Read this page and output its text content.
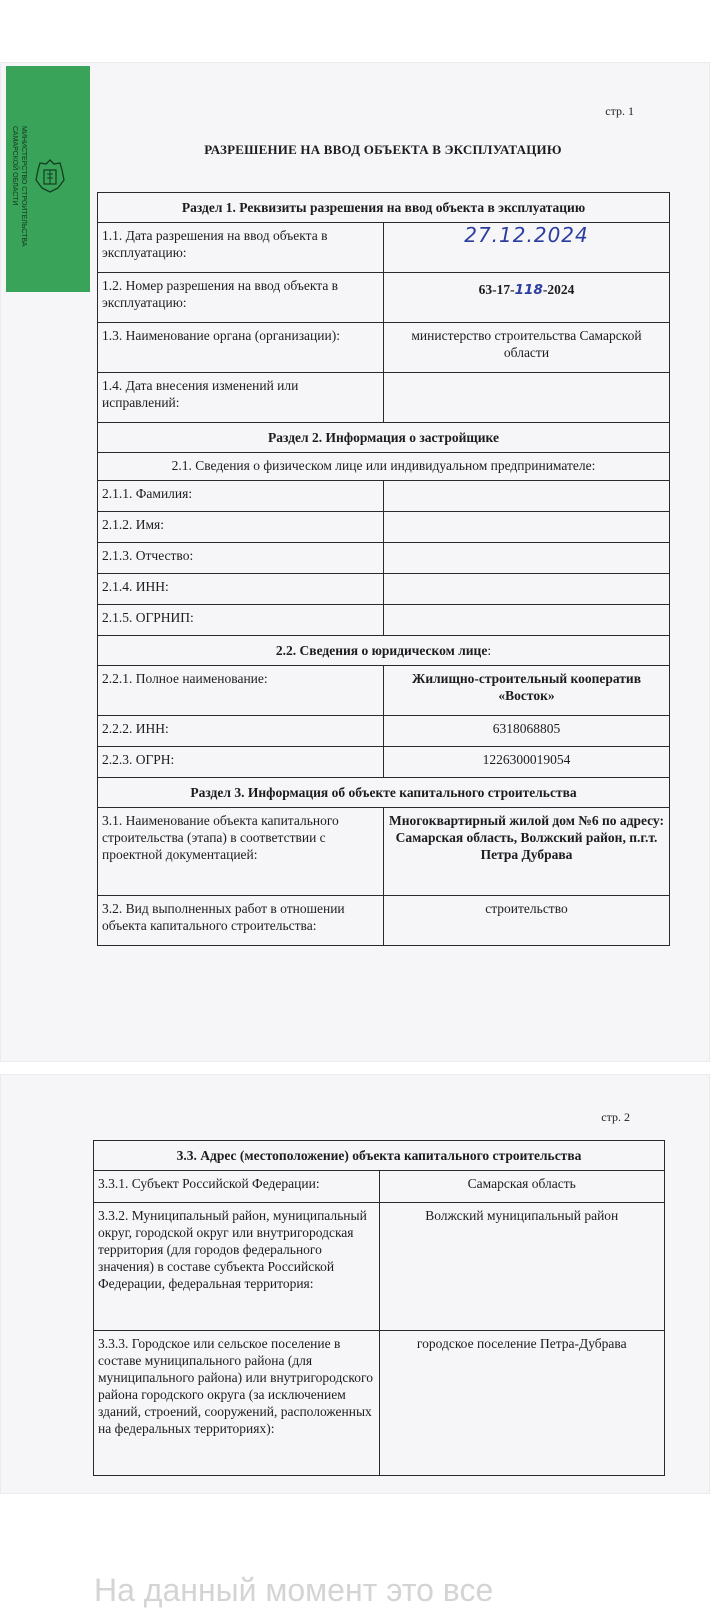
МИНИСТЕРСТВО СТРОИТЕЛЬСТВА
САМАРСКОЙ ОБЛАСТИ
стр. 1
РАЗРЕШЕНИЕ НА ВВОД ОБЪЕКТА В ЭКСПЛУАТАЦИЮ
Раздел 1. Реквизиты разрешения на ввод объекта в эксплуатацию	
1.1. Дата разрешения на ввод объекта в эксплуатацию:	27.12.2024
1.2. Номер разрешения на ввод объекта в эксплуатацию:	63-17-118-2024
1.3. Наименование органа (организации):	министерство строительства Самарской области
1.4. Дата внесения изменений или исправлений:	
Раздел 2. Информация о застройщике	
2.1. Сведения о физическом лице или индивидуальном предпринимателе:	
2.1.1. Фамилия:	
2.1.2. Имя:	
2.1.3. Отчество:	
2.1.4. ИНН:	
2.1.5. ОГРНИП:	
2.2. Сведения о юридическом лице:	
2.2.1. Полное наименование:	Жилищно-строительный кооператив «Восток»
2.2.2. ИНН:	6318068805
2.2.3. ОГРН:	1226300019054
Раздел 3. Информация об объекте капитального строительства	
3.1. Наименование объекта капитального строительства (этапа) в соответствии с проектной документацией:	Многоквартирный жилой дом №6 по адресу: Самарская область, Волжский район, п.г.т. Петра Дубрава
3.2. Вид выполненных работ в отношении объекта капитального строительства:	строительство
стр. 2
3.3. Адрес (местоположение) объекта капитального строительства	
3.3.1. Субъект Российской Федерации:	Самарская область
3.3.2. Муниципальный район, муниципальный округ, городской округ или внутригородская территория (для городов федерального значения) в составе субъекта Российской Федерации, федеральная территория:	Волжский муниципальный район
3.3.3. Городское или сельское поселение в составе муниципального района (для муниципального района) или внутригородского района городского округа (за исключением зданий, строений, сооружений, расположенных на федеральных территориях):	городское поселение Петра-Дубрава
На данный момент это все
